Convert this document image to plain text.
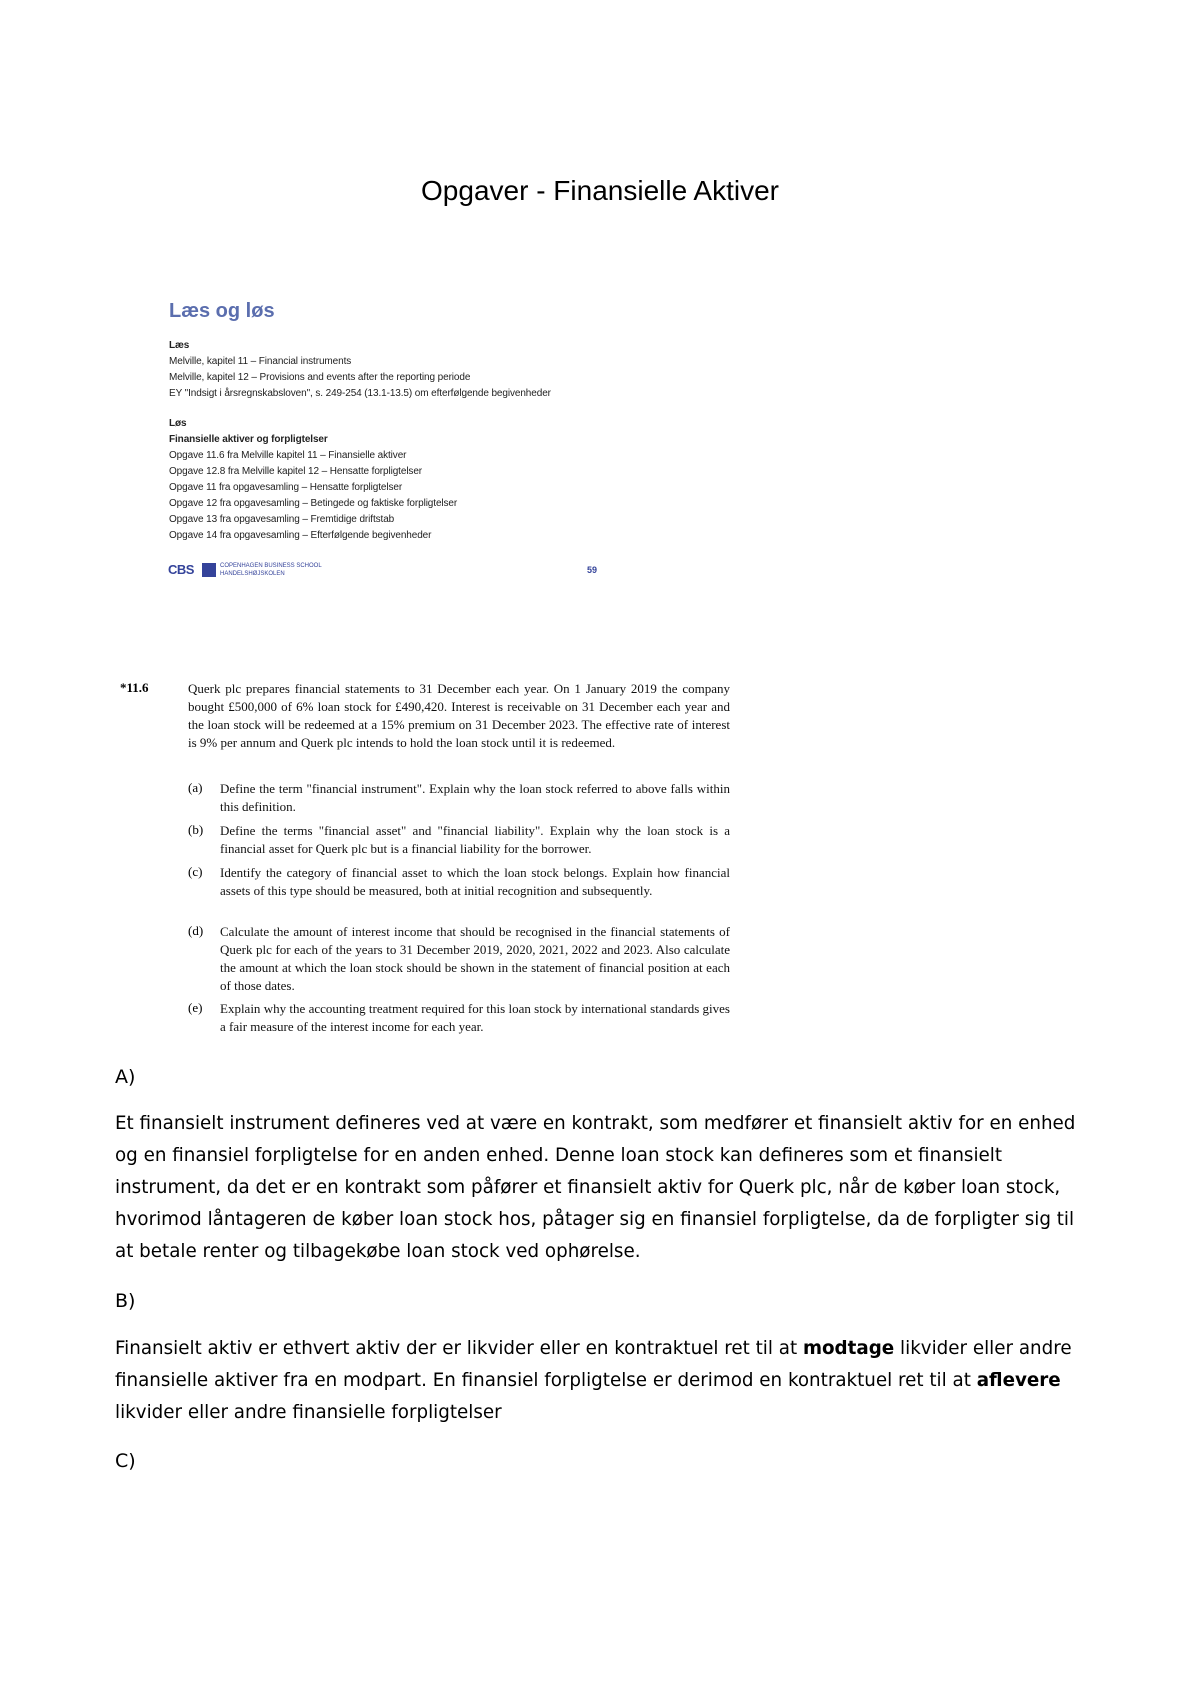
Opgaver - Finansielle Aktiver
Læs og løs
Læs
Melville, kapitel 11 – Financial instruments
Melville, kapitel 12 – Provisions and events after the reporting periode
EY "Indsigt i årsregnskabsloven", s. 249-254 (13.1-13.5) om efterfølgende begivenheder
Løs
Finansielle aktiver og forpligtelser
Opgave 11.6 fra Melville kapitel 11 – Finansielle aktiver
Opgave 12.8 fra Melville kapitel 12 – Hensatte forpligtelser
Opgave 11 fra opgavesamling – Hensatte forpligtelser
Opgave 12 fra opgavesamling – Betingede og faktiske forpligtelser
Opgave 13 fra opgavesamling – Fremtidige driftstab
Opgave 14 fra opgavesamling – Efterfølgende begivenheder
CBS	COPENHAGEN BUSINESS SCHOOL HANDELSHØJSKOLEN	59
*11.6	Querk plc prepares financial statements to 31 December each year. On 1 January 2019 the company bought £500,000 of 6% loan stock for £490,420. Interest is receivable on 31 December each year and the loan stock will be redeemed at a 15% premium on 31 December 2023. The effective rate of interest is 9% per annum and Querk plc intends to hold the loan stock until it is redeemed.

(a) Define the term "financial instrument". Explain why the loan stock referred to above falls within this definition.

(b) Define the terms "financial asset" and "financial liability". Explain why the loan stock is a financial asset for Querk plc but is a financial liability for the borrower.

(c) Identify the category of financial asset to which the loan stock belongs. Explain how financial assets of this type should be measured, both at initial recognition and subsequently.

(d) Calculate the amount of interest income that should be recognised in the financial statements of Querk plc for each of the years to 31 December 2019, 2020, 2021, 2022 and 2023. Also calculate the amount at which the loan stock should be shown in the statement of financial position at each of those dates.

(e) Explain why the accounting treatment required for this loan stock by international standards gives a fair measure of the interest income for each year.

A)

Et finansielt instrument defineres ved at være en kontrakt, som medfører et finansielt aktiv for en enhed og en finansiel forpligtelse for en anden enhed. Denne loan stock kan defineres som et finansielt instrument, da det er en kontrakt som påfører et finansielt aktiv for Querk plc, når de køber loan stock, hvorimod låntageren de køber loan stock hos, påtager sig en finansiel forpligtelse, da de forpligter sig til at betale renter og tilbagekøbe loan stock ved ophørelse.

B)

Finansielt aktiv er ethvert aktiv der er likvider eller en kontraktuel ret til at modtage likvider eller andre finansielle aktiver fra en modpart. En finansiel forpligtelse er derimod en kontraktuel ret til at aflevere likvider eller andre finansielle forpligtelser

C)
